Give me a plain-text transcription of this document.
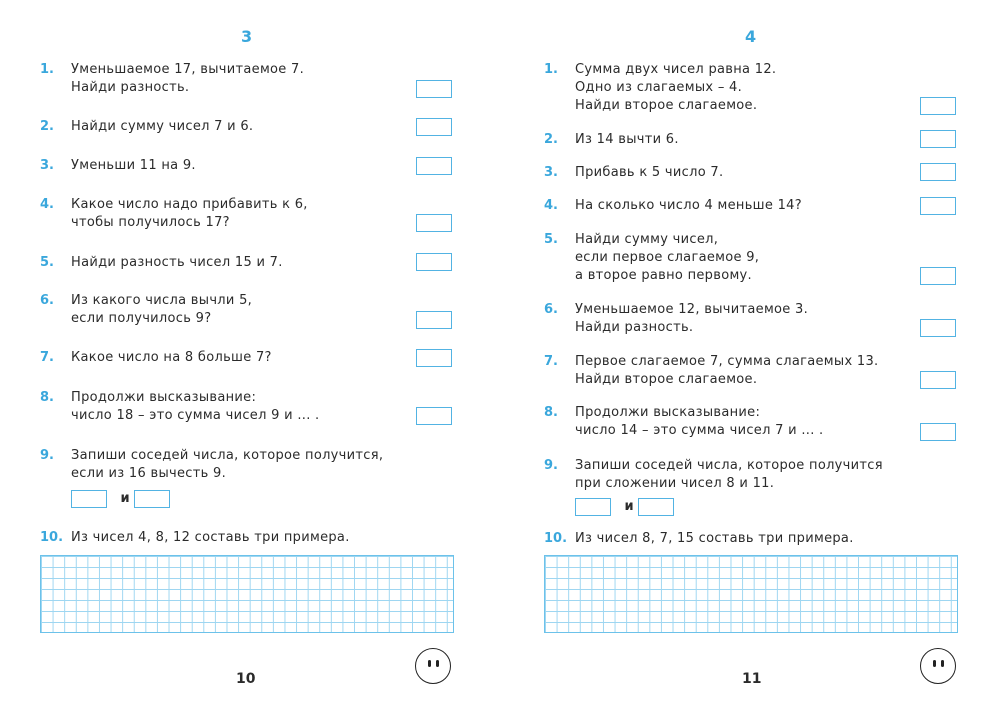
3
1. Уменьшаемое 17, вычитаемое 7.
Найди разность.
2. Найди сумму чисел 7 и 6.
3. Уменьши 11 на 9.
4. Какое число надо прибавить к 6,
чтобы получилось 17?
5. Найди разность чисел 15 и 7.
6. Из какого числа вычли 5,
если получилось 9?
7. Какое число на 8 больше 7?
8. Продолжи высказывание:
число 18 – это сумма чисел 9 и ... .
9. Запиши соседей числа, которое получится,
если из 16 вычесть 9.
и
10. Из чисел 4, 8, 12 составь три примера.
10
4
1. Сумма двух чисел равна 12.
Одно из слагаемых – 4.
Найди второе слагаемое.
2. Из 14 вычти 6.
3. Прибавь к 5 число 7.
4. На сколько число 4 меньше 14?
5. Найди сумму чисел,
если первое слагаемое 9,
а второе равно первому.
6. Уменьшаемое 12, вычитаемое 3.
Найди разность.
7. Первое слагаемое 7, сумма слагаемых 13.
Найди второе слагаемое.
8. Продолжи высказывание:
число 14 – это сумма чисел 7 и ... .
9. Запиши соседей числа, которое получится
при сложении чисел 8 и 11.
и
10. Из чисел 8, 7, 15 составь три примера.
11
